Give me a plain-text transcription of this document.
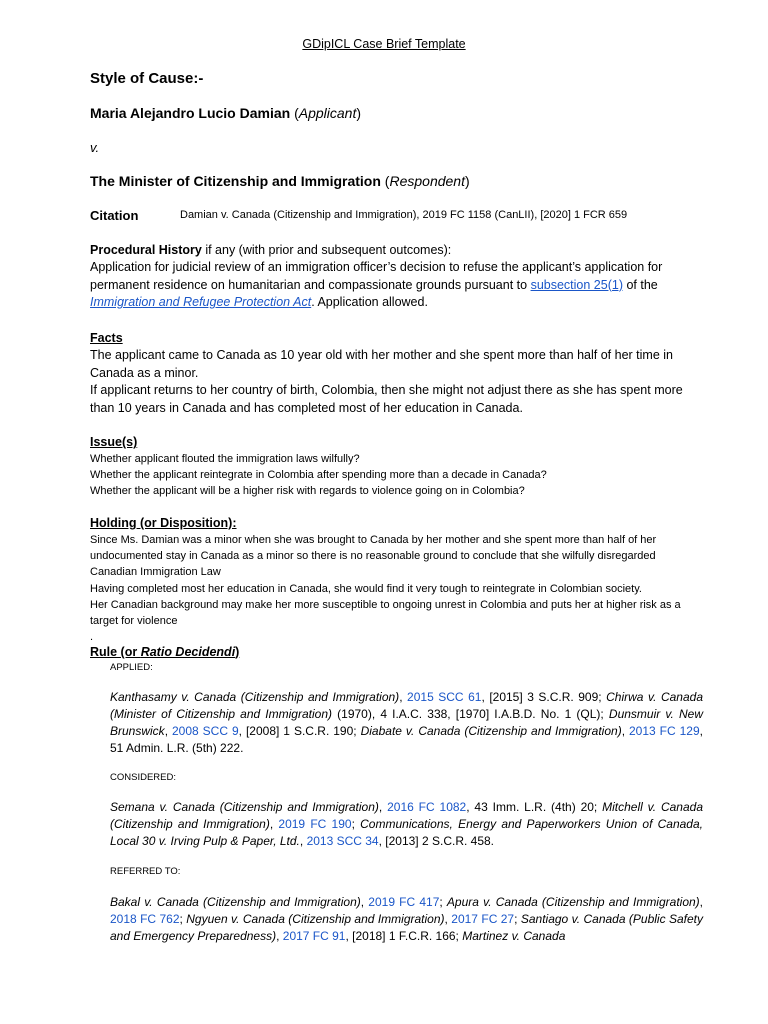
GDipICL Case Brief Template
Style of Cause:-
Maria Alejandro Lucio Damian (Applicant)
v.
The Minister of Citizenship and Immigration (Respondent)
Citation	Damian v. Canada (Citizenship and Immigration), 2019 FC 1158 (CanLII), [2020] 1 FCR 659

Procedural History if any (with prior and subsequent outcomes):

Application for judicial review of an immigration officer’s decision to refuse the applicant’s application for permanent residence on humanitarian and compassionate grounds pursuant to subsection 25(1) of the Immigration and Refugee Protection Act. Application allowed.

Facts

The applicant came to Canada as 10 year old with her mother and she spent more than half of her time in Canada as a minor.

If applicant returns to her country of birth, Colombia, then she might not adjust there as she has spent more than 10 years in Canada and has completed most of her education in Canada.

Issue(s)

Whether applicant flouted the immigration laws wilfully?

Whether the applicant reintegrate in Colombia after spending more than a decade in Canada?

Whether the applicant will be a higher risk with regards to violence going on in Colombia?

Holding (or Disposition):

Since Ms. Damian was a minor when she was brought to Canada by her mother and she spent more than half of her undocumented stay in Canada as a minor so there is no reasonable ground to conclude that she wilfully disregarded Canadian Immigration Law

Having completed most her education in Canada, she would find it very tough to reintegrate in Colombian society.

Her Canadian background may make her more susceptible to ongoing unrest in Colombia and puts her at higher risk as a target for violence

.

Rule (or Ratio Decidendi)

APPLIED:

Kanthasamy v. Canada (Citizenship and Immigration), 2015 SCC 61, [2015] 3 S.C.R. 909; Chirwa v. Canada (Minister of Citizenship and Immigration) (1970), 4 I.A.C. 338, [1970] I.A.B.D. No. 1 (QL); Dunsmuir v. New Brunswick, 2008 SCC 9, [2008] 1 S.C.R. 190; Diabate v. Canada (Citizenship and Immigration), 2013 FC 129, 51 Admin. L.R. (5th) 222.

CONSIDERED:

Semana v. Canada (Citizenship and Immigration), 2016 FC 1082, 43 Imm. L.R. (4th) 20; Mitchell v. Canada (Citizenship and Immigration), 2019 FC 190; Communications, Energy and Paperworkers Union of Canada, Local 30 v. Irving Pulp & Paper, Ltd., 2013 SCC 34, [2013] 2 S.C.R. 458.

REFERRED TO:

Bakal v. Canada (Citizenship and Immigration), 2019 FC 417; Apura v. Canada (Citizenship and Immigration), 2018 FC 762; Ngyuen v. Canada (Citizenship and Immigration), 2017 FC 27; Santiago v. Canada (Public Safety and Emergency Preparedness), 2017 FC 91, [2018] 1 F.C.R. 166; Martinez v. Canada
